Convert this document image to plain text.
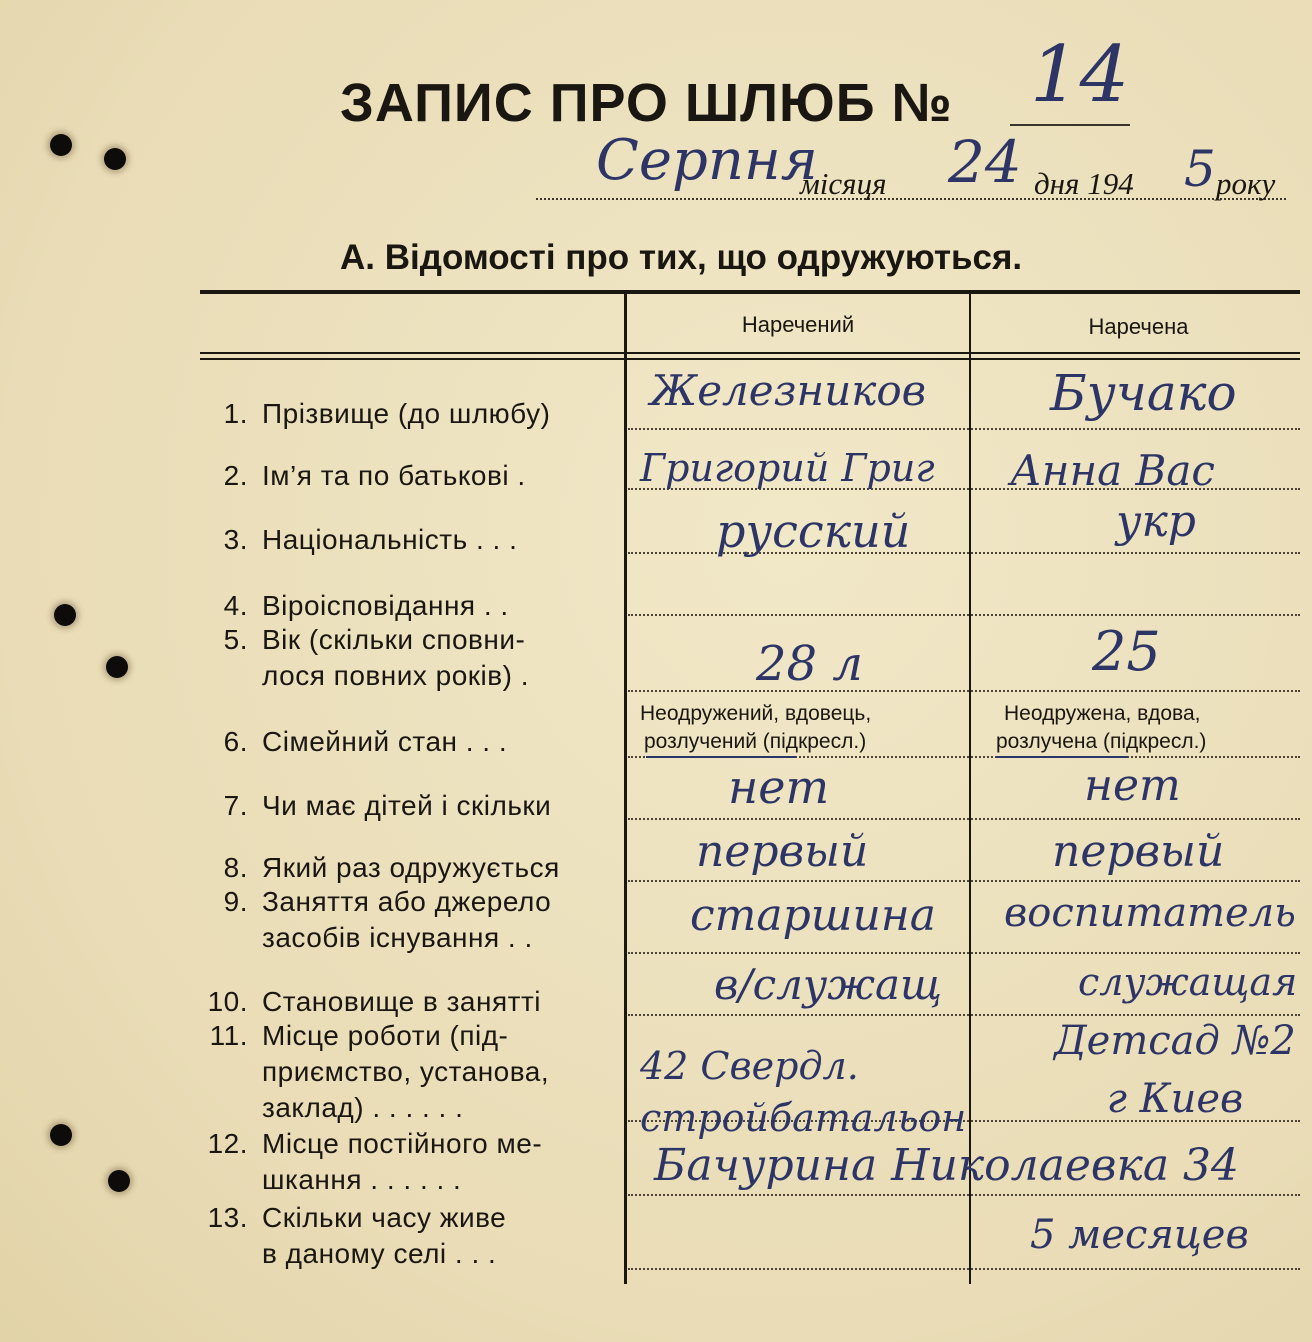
ЗАПИС ПРО ШЛЮБ № 14
Серпня
місяця 24 дня 194 5 року
А. Відомості про тих, що одружуються.
Наречений	Наречена
1. Прізвище (до шлюбу)
2. Ім’я та по батькові .
3. Національність . . .
4. Віроісповідання . .
5. Вік (скільки сповни-
лося повних років) .
6. Сімейний стан . . .
7. Чи має дітей і скільки
8. Який раз одружується
9. Заняття або джерело
засобів існування . .
10. Становище в занятті
11. Місце роботи (під-
приємство, установа,
заклад) . . . . . .
12. Місце постійного ме-
шкання . . . . . .
13. Скільки часу живе
в даному селі . . .
Неодружений, вдовець,
розлучений (підкресл.)
Неодружена, вдова,
розлучена (підкресл.)
Железников
Григорий Григ
русский
28 л
нет
первый
старшина
в/служащ
42 Свердл. стройбатальон
Бачурина Николаевка 34
Бучако
Анна Вас
укр
25
нет
первый
воспитатель
служащая
Детсад №2 г Киев
5 месяцев
